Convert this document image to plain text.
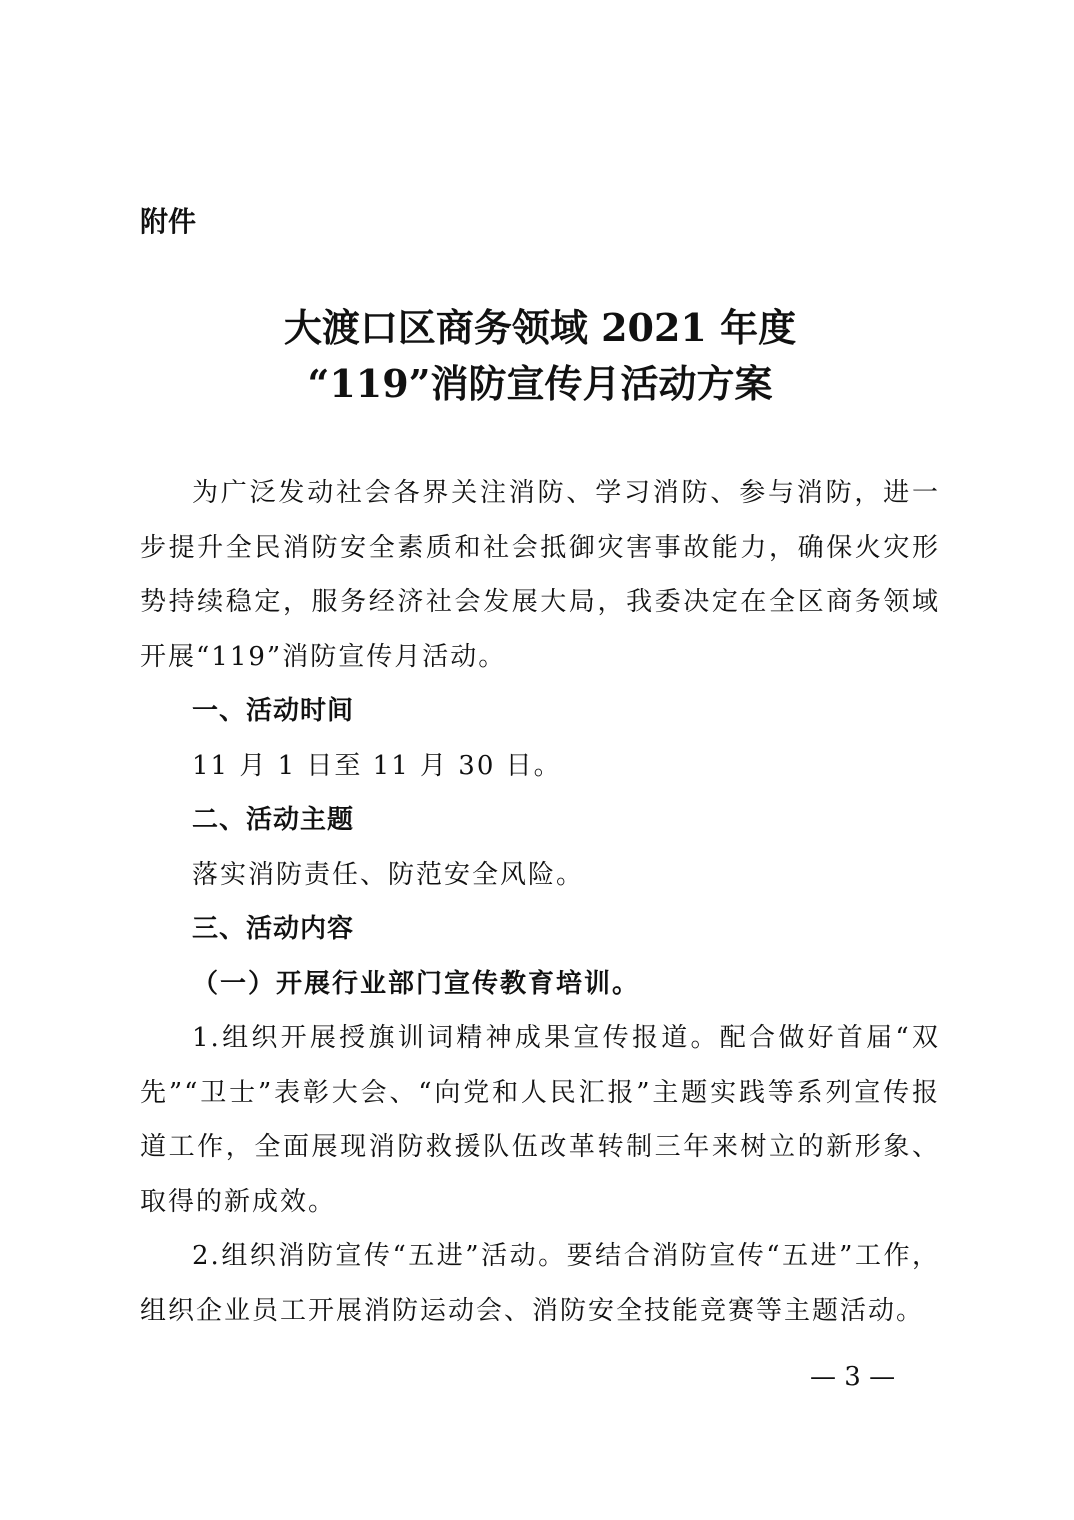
附件

大渡口区商务领域 2021 年度
“119”消防宣传月活动方案

为广泛发动社会各界关注消防、学习消防、参与消防，进一步提升全民消防安全素质和社会抵御灾害事故能力，确保火灾形势持续稳定，服务经济社会发展大局，我委决定在全区商务领域开展“119”消防宣传月活动。

一、活动时间

11 月 1 日至 11 月 30 日。

二、活动主题

落实消防责任、防范安全风险。

三、活动内容

（一）开展行业部门宣传教育培训。

1.组织开展授旗训词精神成果宣传报道。配合做好首届“双先”“卫士”表彰大会、“向党和人民汇报”主题实践等系列宣传报道工作，全面展现消防救援队伍改革转制三年来树立的新形象、取得的新成效。

2.组织消防宣传“五进”活动。要结合消防宣传“五进”工作，组织企业员工开展消防运动会、消防安全技能竞赛等主题活动。

— 3 —
